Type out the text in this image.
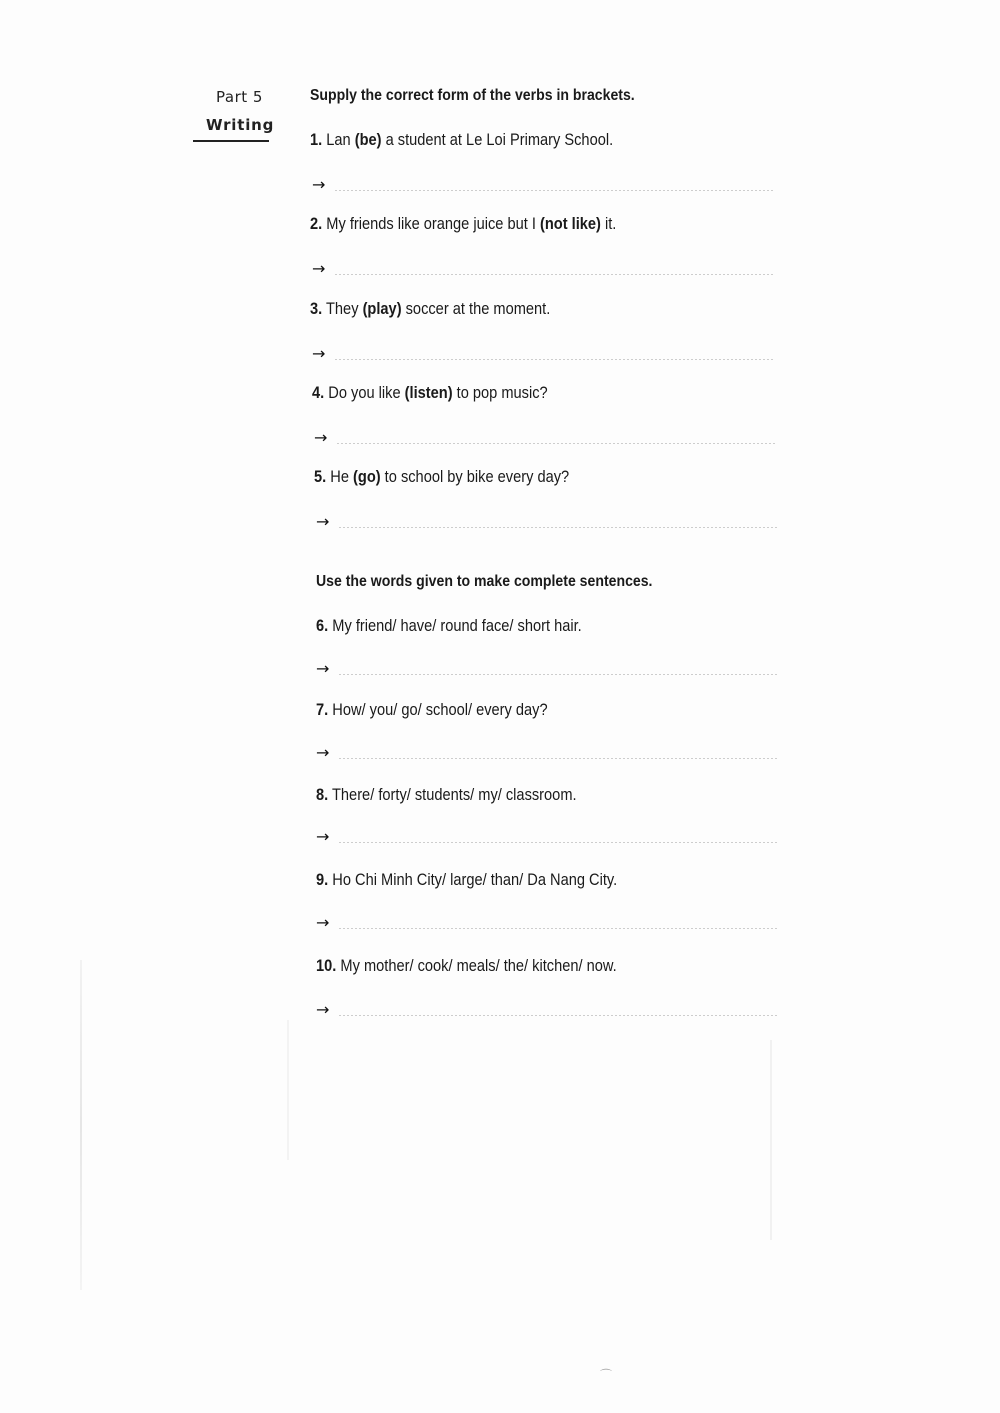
Part 5
Writing
Supply the correct form of the verbs in brackets.
1. Lan (be) a student at Le Loi Primary School.
→
2. My friends like orange juice but I (not like) it.
→
3. They (play) soccer at the moment.
→
4. Do you like (listen) to pop music?
→
5. He (go) to school by bike every day?
→
Use the words given to make complete sentences.
6. My friend/ have/ round face/ short hair.
→
7. How/ you/ go/ school/ every day?
→
8. There/ forty/ students/ my/ classroom.
→
9. Ho Chi Minh City/ large/ than/ Da Nang City.
→
10. My mother/ cook/ meals/ the/ kitchen/ now.
→
⌒
